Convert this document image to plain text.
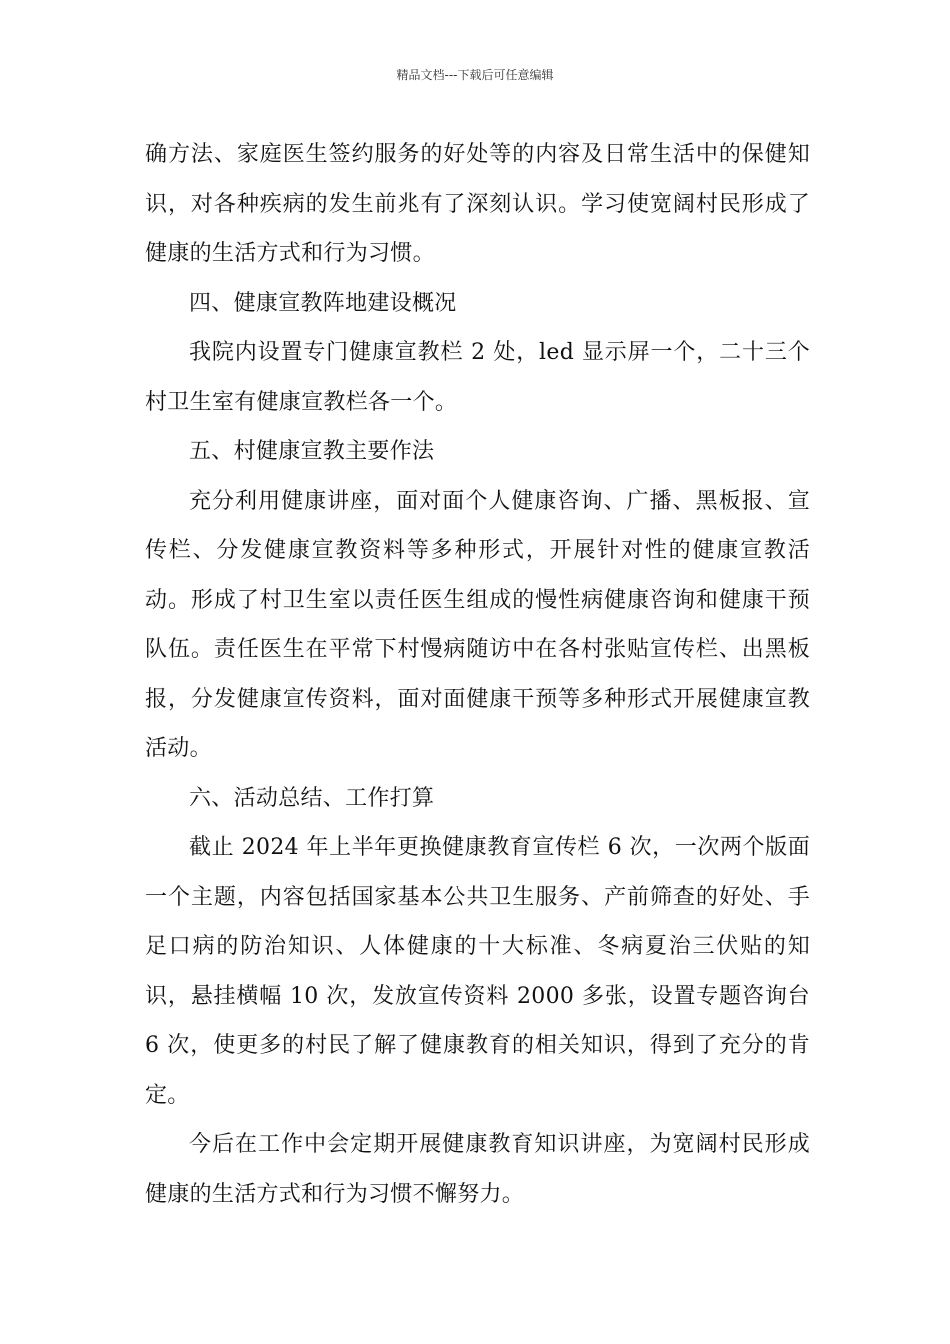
精品文档---下载后可任意编辑

确方法、家庭医生签约服务的好处等的内容及日常生活中的保健知识，对各种疾病的发生前兆有了深刻认识。学习使宽阔村民形成了健康的生活方式和行为习惯。

四、健康宣教阵地建设概况

我院内设置专门健康宣教栏 2 处，led 显示屏一个，二十三个村卫生室有健康宣教栏各一个。

五、村健康宣教主要作法

充分利用健康讲座，面对面个人健康咨询、广播、黑板报、宣传栏、分发健康宣教资料等多种形式，开展针对性的健康宣教活动。形成了村卫生室以责任医生组成的慢性病健康咨询和健康干预队伍。责任医生在平常下村慢病随访中在各村张贴宣传栏、出黑板报，分发健康宣传资料，面对面健康干预等多种形式开展健康宣教活动。

六、活动总结、工作打算

截止 2024 年上半年更换健康教育宣传栏 6 次，一次两个版面一个主题，内容包括国家基本公共卫生服务、产前筛查的好处、手足口病的防治知识、人体健康的十大标准、冬病夏治三伏贴的知识，悬挂横幅 10 次，发放宣传资料 2000 多张，设置专题咨询台 6 次，使更多的村民了解了健康教育的相关知识，得到了充分的肯定。

今后在工作中会定期开展健康教育知识讲座，为宽阔村民形成健康的生活方式和行为习惯不懈努力。
